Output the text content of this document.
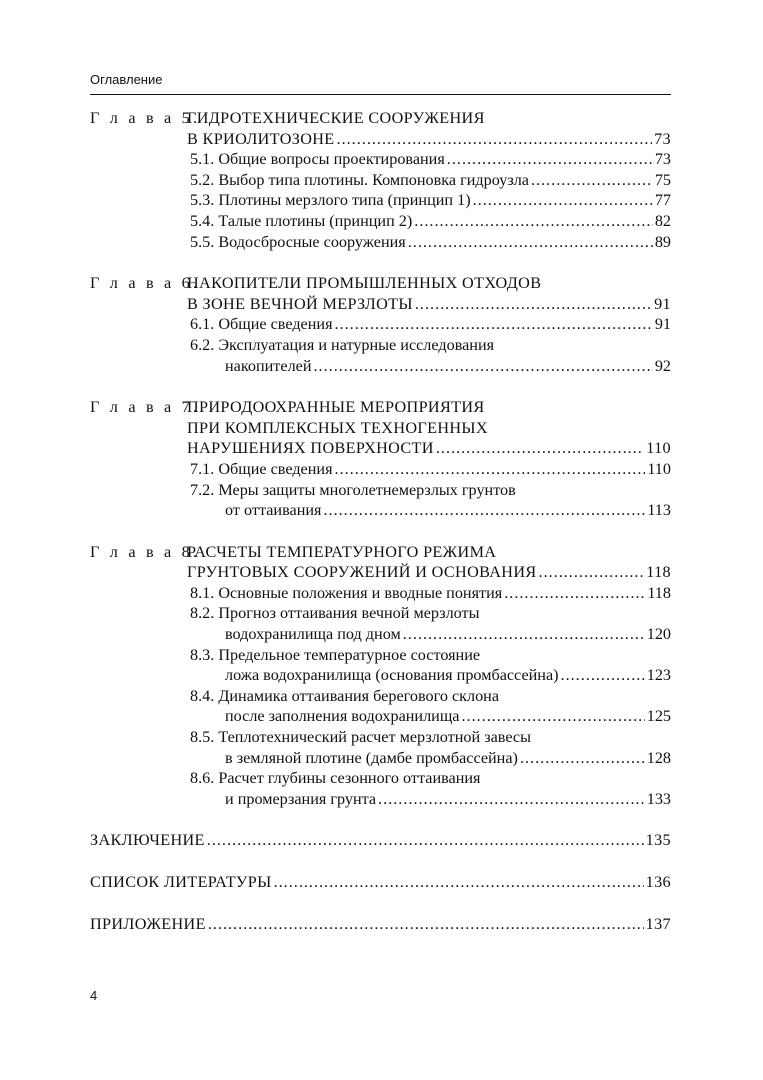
Оглавление
Г л а в а 5.ГИДРОТЕХНИЧЕСКИЕ СООРУЖЕНИЯ
В КРИОЛИТОЗОНЕ .....	73
5.1. Общие вопросы проектирования .....	73
5.2. Выбор типа плотины. Компоновка гидроузла .....	75
5.3. Плотины мерзлого типа (принцип 1) .....	77
5.4. Талые плотины (принцип 2) .....	82
5.5. Водосбросные сооружения .....	89
Г л а в а 6.НАКОПИТЕЛИ ПРОМЫШЛЕННЫХ ОТХОДОВ
В ЗОНЕ ВЕЧНОЙ МЕРЗЛОТЫ .....	91
6.1. Общие сведения .....	91
6.2. Эксплуатация и натурные исследования
накопителей .....	92
Г л а в а 7.ПРИРОДООХРАННЫЕ МЕРОПРИЯТИЯ
ПРИ КОМПЛЕКСНЫХ ТЕХНОГЕННЫХ
НАРУШЕНИЯХ ПОВЕРХНОСТИ .....	110
7.1. Общие сведения .....	110
7.2. Меры защиты многолетнемерзлых грунтов
от оттаивания .....	113
Г л а в а 8.РАСЧЕТЫ ТЕМПЕРАТУРНОГО РЕЖИМА
ГРУНТОВЫХ СООРУЖЕНИЙ И ОСНОВАНИЯ .....	118
8.1. Основные положения и вводные понятия .....	118
8.2. Прогноз оттаивания вечной мерзлоты
водохранилища под дном .....	120
8.3. Предельное температурное состояние
ложа водохранилища (основания промбассейна) .....	123
8.4. Динамика оттаивания берегового склона
после заполнения водохранилища .....	125
8.5. Теплотехнический расчет мерзлотной завесы
в земляной плотине (дамбе промбассейна) .....	128
8.6. Расчет глубины сезонного оттаивания
и промерзания грунта .....	133
ЗАКЛЮЧЕНИЕ .....	135
СПИСОК ЛИТЕРАТУРЫ .....	136
ПРИЛОЖЕНИЕ .....	137
4
